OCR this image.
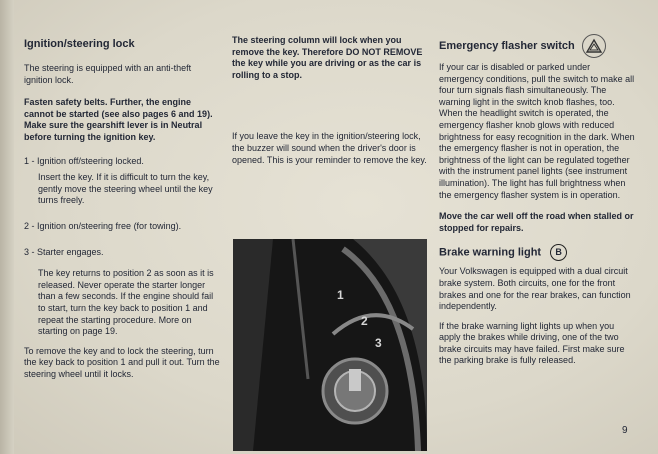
Ignition/steering lock

The steering is equipped with an anti-theft ignition lock.

Fasten safety belts. Further, the engine cannot be started (see also pages 6 and 19). Make sure the gearshift lever is in Neutral before turning the ignition key.

1 - Ignition off/steering locked.

Insert the key. If it is difficult to turn the key, gently move the steering wheel until the key turns freely.

2 - Ignition on/steering free (for towing).

3 - Starter engages.

The key returns to position 2 as soon as it is released. Never operate the starter longer than a few seconds. If the engine should fail to start, turn the key back to position 1 and repeat the starting procedure. More on starting on page 19.

To remove the key and to lock the steering, turn the key back to position 1 and pull it out. Turn the steering wheel until it locks.

The steering column will lock when you remove the key. Therefore DO NOT REMOVE the key while you are driving or as the car is rolling to a stop.

If you leave the key in the ignition/steering lock, the buzzer will sound when the driver's door is opened. This is your reminder to remove the key.

1
2
3

Emergency flasher switch

If your car is disabled or parked under emergency conditions, pull the switch to make all four turn signals flash simultaneously. The warning light in the switch knob flashes, too.

When the headlight switch is operated, the emergency flasher knob glows with reduced brightness for easy recognition in the dark. When the emergency flasher is not in operation, the brightness of the light can be regulated together with the instrument panel lights (see instrument illumination). The light has full brightness when the emergency flasher system is in operation.

Move the car well off the road when stalled or stopped for repairs.

Brake warning light B

Your Volkswagen is equipped with a dual circuit brake system. Both circuits, one for the front brakes and one for the rear brakes, can function independently.

If the brake warning light lights up when you apply the brakes while driving, one of the two brake circuits may have failed. First make sure the parking brake is fully released.

9
